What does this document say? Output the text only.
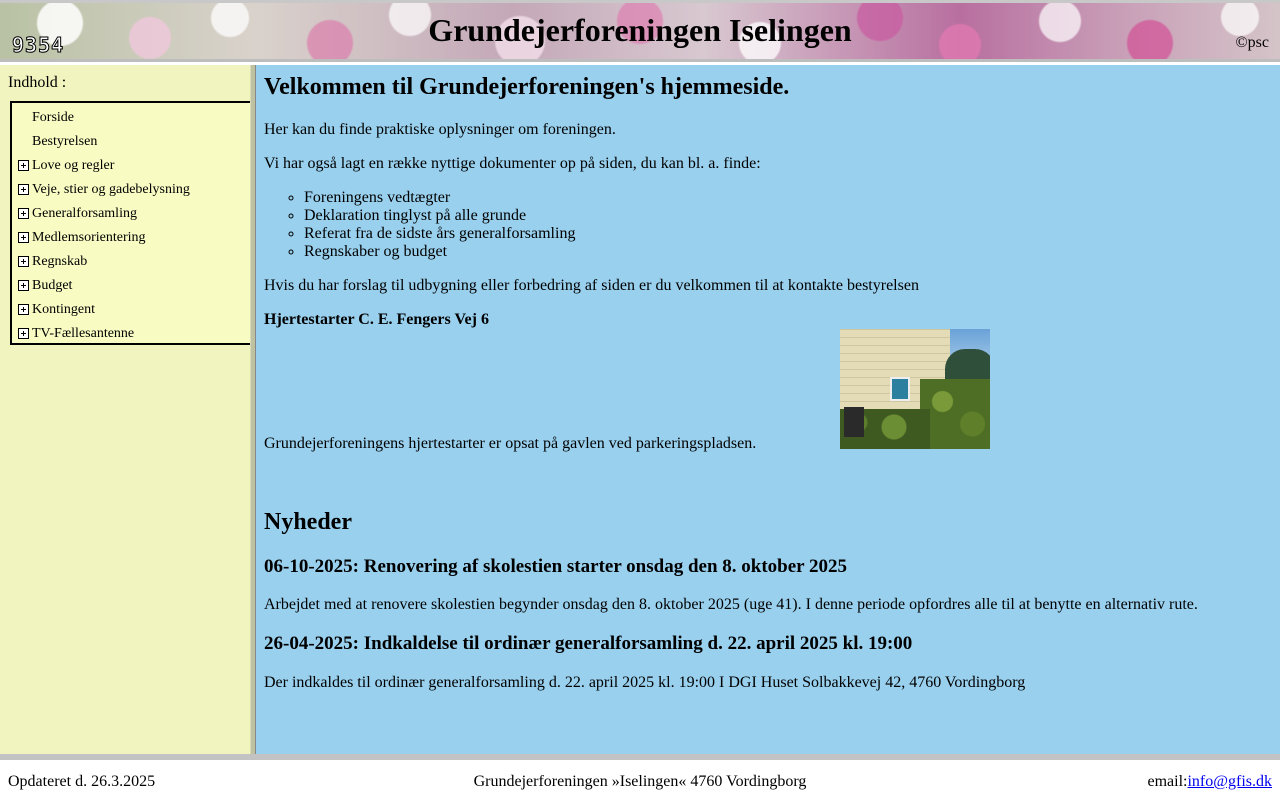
9354	Grundejerforeningen Iselingen	©psc
Indhold :
Forside
Bestyrelsen
Love og regler
Veje, stier og gadebelysning
Generalforsamling
Medlemsorientering
Regnskab
Budget
Kontingent
TV-Fællesantenne
Velkommen til Grundejerforeningen's hjemmeside.

Her kan du finde praktiske oplysninger om foreningen.

Vi har også lagt en række nyttige dokumenter op på siden, du kan bl. a. finde:

◦ Foreningens vedtægter
◦ Deklaration tinglyst på alle grunde
◦ Referat fra de sidste års generalforsamling
◦ Regnskaber og budget

Hvis du har forslag til udbygning eller forbedring af siden er du velkommen til at kontakte bestyrelsen

Hjertestarter C. E. Fengers Vej 6

Grundejerforeningens hjertestarter er opsat på gavlen ved parkeringspladsen.

Nyheder
06-10-2025: Renovering af skolestien starter onsdag den 8. oktober 2025

Arbejdet med at renovere skolestien begynder onsdag den 8. oktober 2025 (uge 41). I denne periode opfordres alle til at benytte en alternativ rute.

26-04-2025: Indkaldelse til ordinær generalforsamling d. 22. april 2025 kl. 19:00

Der indkaldes til ordinær generalforsamling d. 22. april 2025 kl. 19:00 I DGI Huset Solbakkevej 42, 4760 Vordingborg

Opdateret d. 26.3.2025	Grundejerforeningen »Iselingen« 4760 Vordingborg	email:info@gfis.dk
